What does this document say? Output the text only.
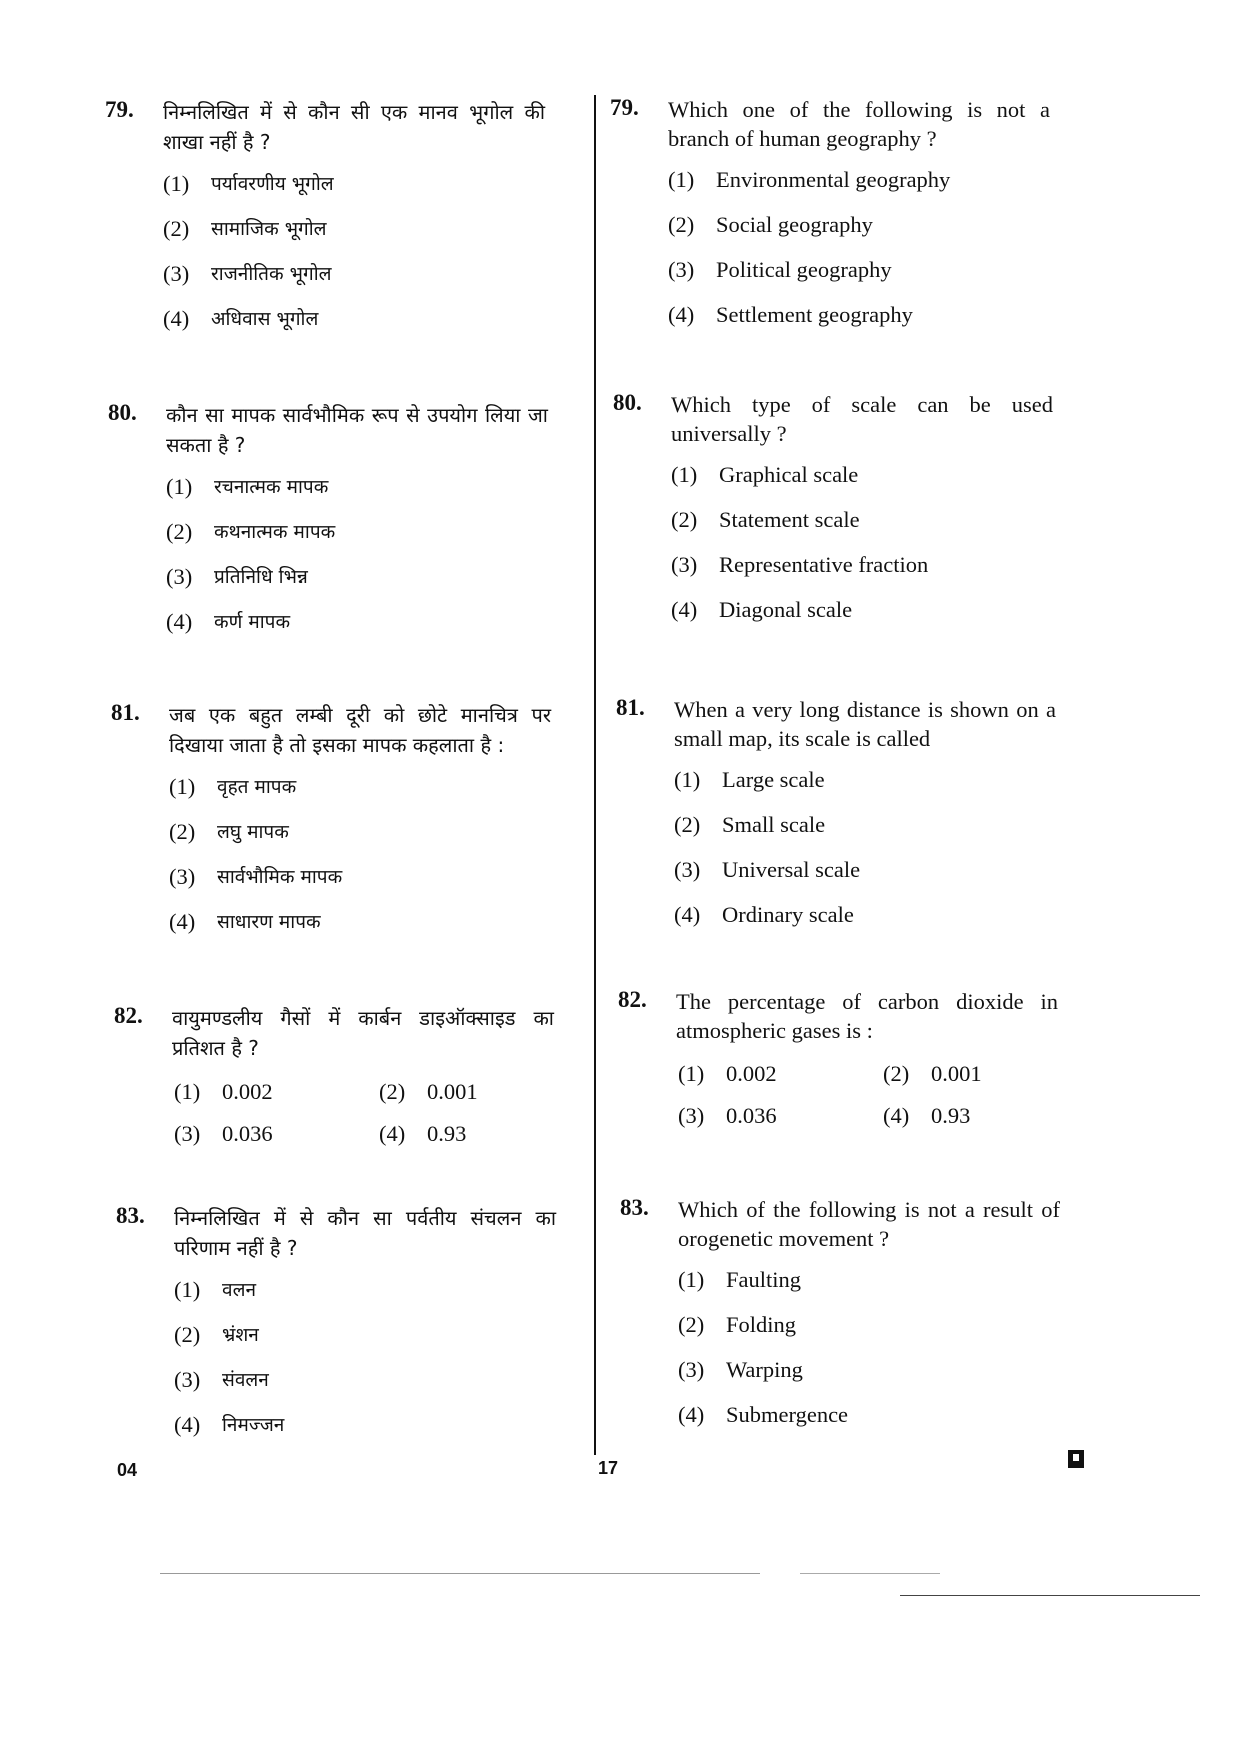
79. निम्नलिखित में से कौन सी एक मानव भूगोल की शाखा नहीं है ?
(1)	पर्यावरणीय भूगोल
(2)	सामाजिक भूगोल
(3)	राजनीतिक भूगोल
(4)	अधिवास भूगोल
80. कौन सा मापक सार्वभौमिक रूप से उपयोग लिया जा सकता है ?
(1)	रचनात्मक मापक
(2)	कथनात्मक मापक
(3)	प्रतिनिधि भिन्न
(4)	कर्ण मापक
81. जब एक बहुत लम्बी दूरी को छोटे मानचित्र पर दिखाया जाता है तो इसका मापक कहलाता है :
(1)	वृहत मापक
(2)	लघु मापक
(3)	सार्वभौमिक मापक
(4)	साधारण मापक
82. वायुमण्डलीय गैसों में कार्बन डाइऑक्साइड का प्रतिशत है ?
(1) 0.002	(2) 0.001
(3) 0.036	(4) 0.93
83. निम्नलिखित में से कौन सा पर्वतीय संचलन का परिणाम नहीं है ?
(1)	वलन
(2)	भ्रंशन
(3)	संवलन
(4)	निमज्जन
79. Which one of the following is not a branch of human geography ?
(1) Environmental geography
(2) Social geography
(3) Political geography
(4) Settlement geography
80. Which type of scale can be used universally ?
(1) Graphical scale
(2) Statement scale
(3) Representative fraction
(4) Diagonal scale
81. When a very long distance is shown on a small map, its scale is called
(1) Large scale
(2) Small scale
(3) Universal scale
(4) Ordinary scale
82. The percentage of carbon dioxide in atmospheric gases is :
(1) 0.002	(2) 0.001
(3) 0.036	(4) 0.93
83. Which of the following is not a result of orogenetic movement ?
(1) Faulting
(2) Folding
(3) Warping
(4) Submergence
04	17
